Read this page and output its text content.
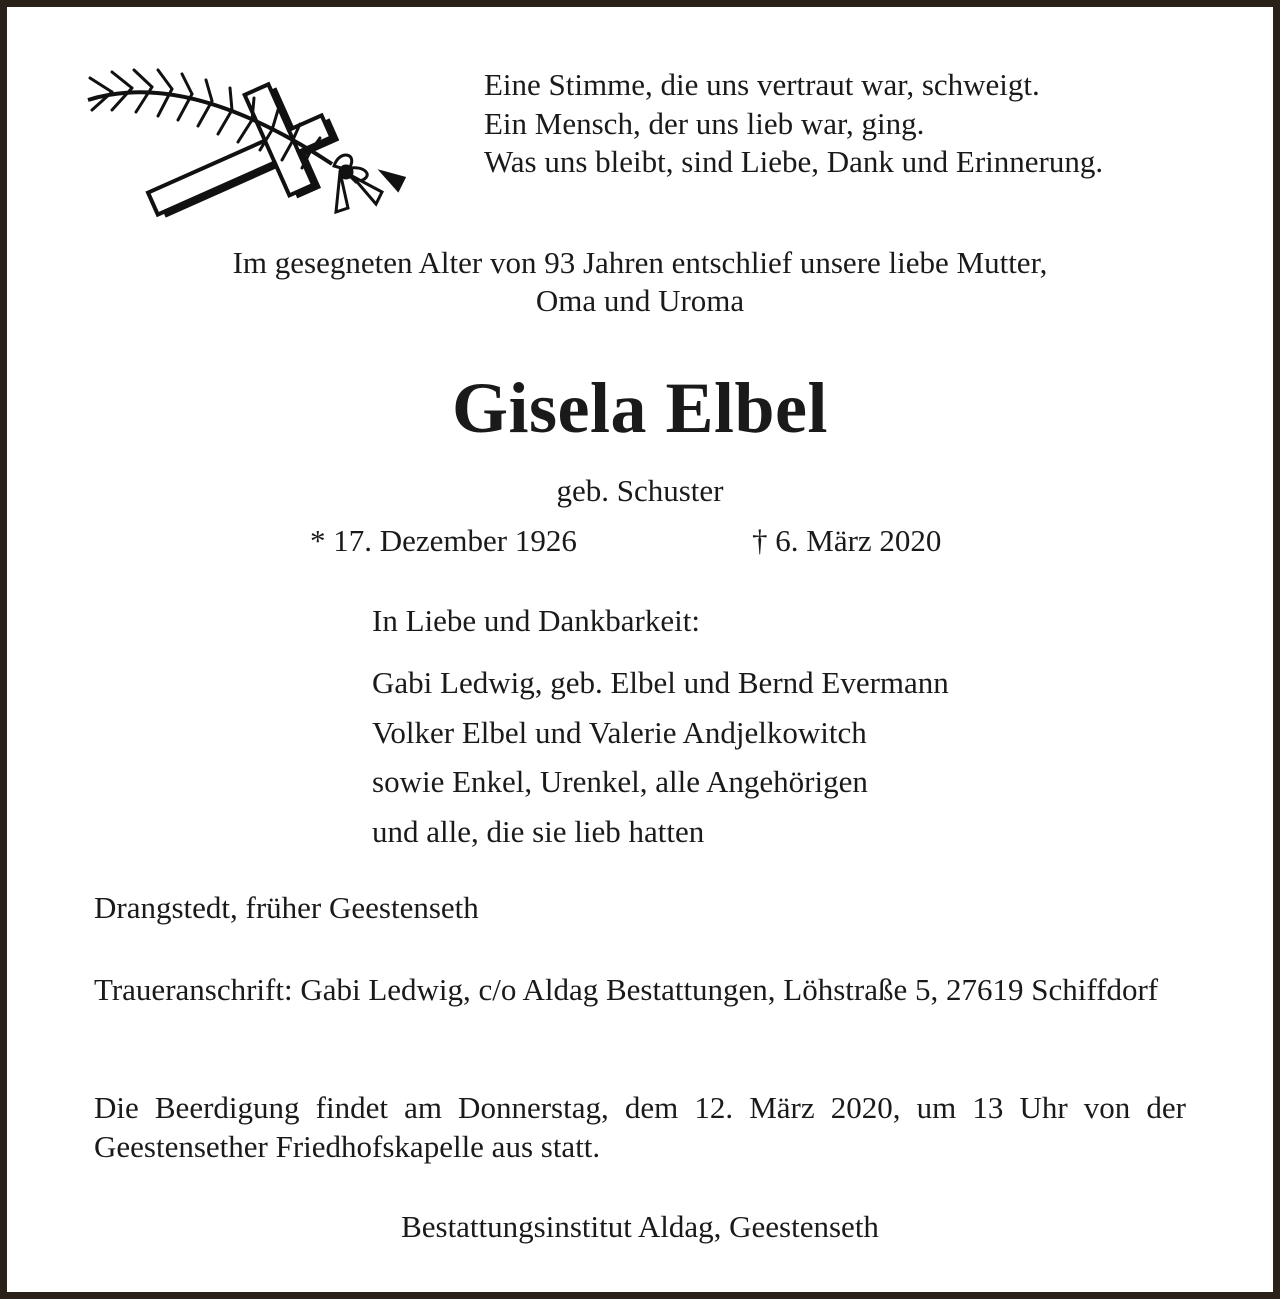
Eine Stimme, die uns vertraut war, schweigt.
Ein Mensch, der uns lieb war, ging.
Was uns bleibt, sind Liebe, Dank und Erinnerung.
Im gesegneten Alter von 93 Jahren entschlief unsere liebe Mutter,
Oma und Uroma
Gisela Elbel
geb. Schuster
* 17. Dezember 1926	† 6. März 2020
In Liebe und Dankbarkeit:
Gabi Ledwig, geb. Elbel und Bernd Evermann
Volker Elbel und Valerie Andjelkowitch
sowie Enkel, Urenkel, alle Angehörigen
und alle, die sie lieb hatten
Drangstedt, früher Geestenseth
Traueranschrift: Gabi Ledwig, c/o Aldag Bestattungen, Löhstraße 5, 27619 Schiffdorf
Die Beerdigung findet am Donnerstag, dem 12. März 2020, um 13 Uhr von der Geestensether Friedhofskapelle aus statt.
Bestattungsinstitut Aldag, Geestenseth
